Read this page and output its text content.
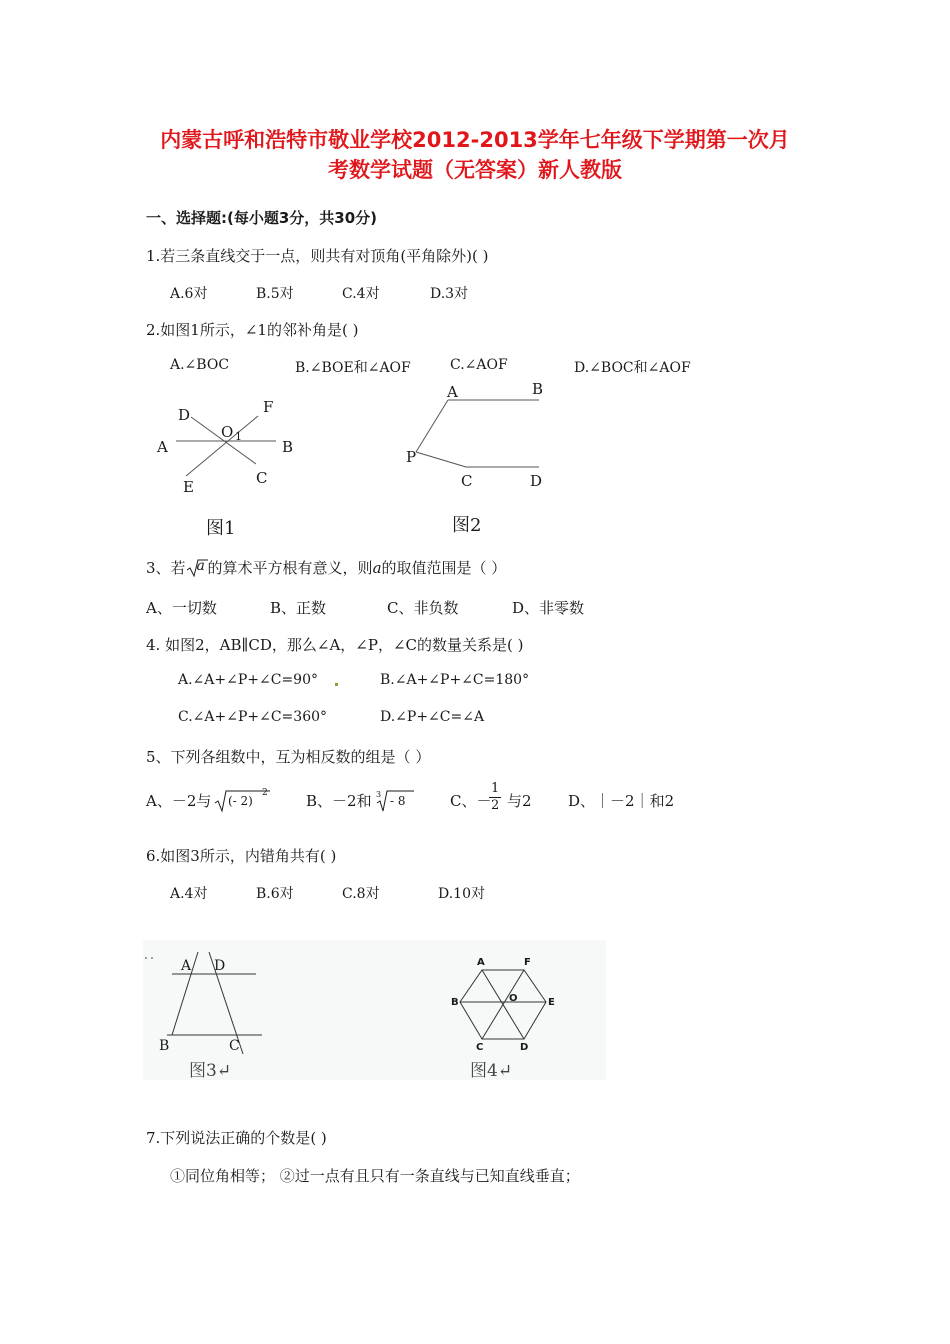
内蒙古呼和浩特市敬业学校2012-2013学年七年级下学期第一次月
考数学试题（无答案）新人教版
一、选择题:(每小题3分，共30分)
1.若三条直线交于一点，则共有对顶角(平角除外)( )
A.6对	B.5对	C.4对	D.3对
2.如图1所示，∠1的邻补角是( )
A.∠BOC	B.∠BOE和∠AOF	C.∠AOF	D.∠BOC和∠AOF
D	F
O 1
A	B
E	C
图1
A	B
P
C	D
图2
3、若 a 的算术平方根有意义，则a的取值范围是（ ）
A、一切数	B、正数	C、非负数	D、非零数
4. 如图2，AB∥CD，那么∠A，∠P，∠C的数量关系是( )
A.∠A+∠P+∠C=90°	B.∠A+∠P+∠C=180°
C.∠A+∠P+∠C=360°	D.∠P+∠C=∠A
5、下列各组数中，互为相反数的组是（ ）
A、－2与 (- 2)
2	B、－2和 3 - 8	C、－
$\frac{1}{2}$ 与2 D、｜－2｜和2
6.如图3所示，内错角共有( )
A.4对	B.6对	C.8对	D.10对
A D
B	C
图3↵
A	F
B	O	E
C	D
图4↵
7.下列说法正确的个数是( )
①同位角相等； ②过一点有且只有一条直线与已知直线垂直；
